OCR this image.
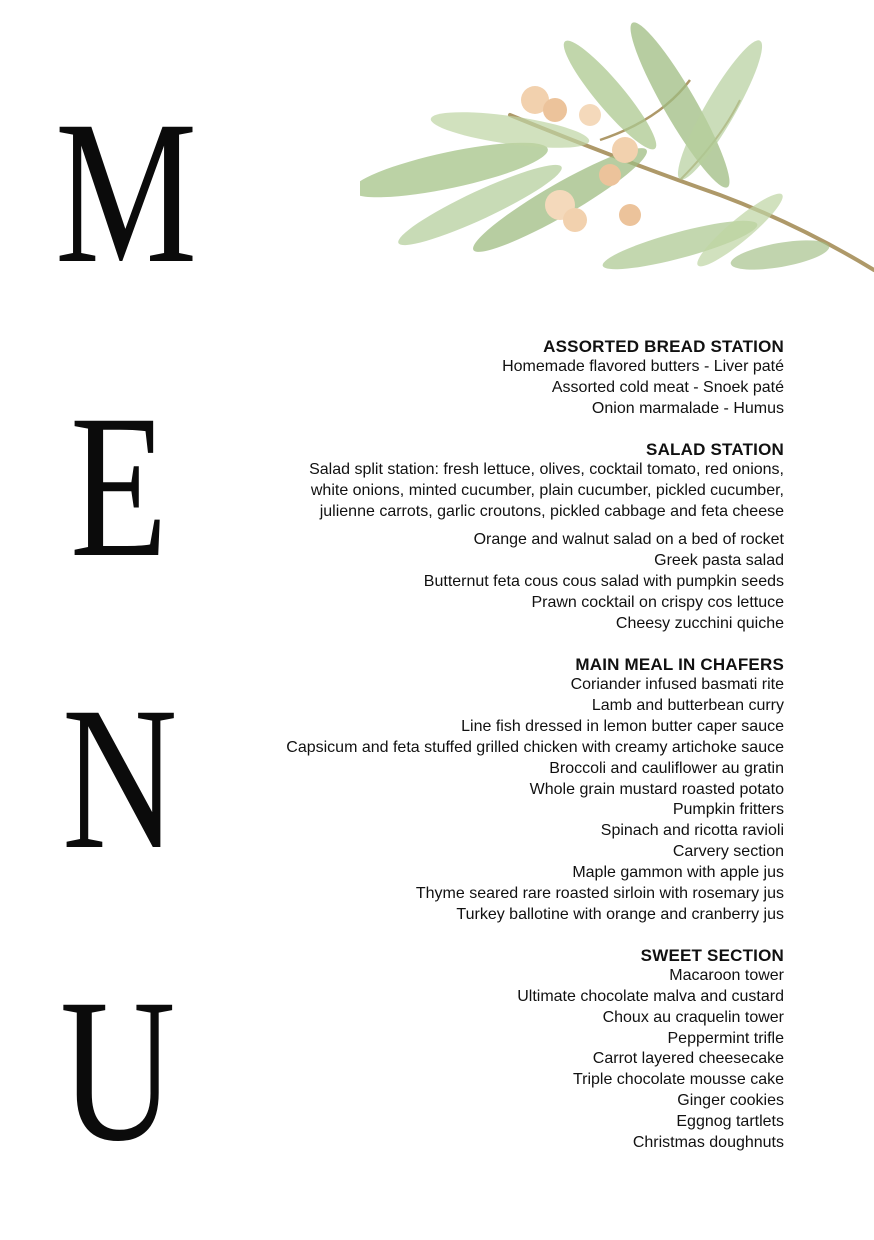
M
E
N
U
ASSORTED BREAD STATION
Homemade flavored butters - Liver paté
Assorted cold meat - Snoek paté
Onion marmalade - Humus
SALAD STATION
Salad split station: fresh lettuce, olives, cocktail tomato, red onions,
white onions, minted cucumber, plain cucumber, pickled cucumber,
julienne carrots, garlic croutons, pickled cabbage and feta cheese
Orange and walnut salad on a bed of rocket
Greek pasta salad
Butternut feta cous cous salad with pumpkin seeds
Prawn cocktail on crispy cos lettuce
Cheesy zucchini quiche
MAIN MEAL IN CHAFERS
Coriander infused basmati rite
Lamb and butterbean curry
Line fish dressed in lemon butter caper sauce
Capsicum and feta stuffed grilled chicken with creamy artichoke sauce
Broccoli and cauliflower au gratin
Whole grain mustard roasted potato
Pumpkin fritters
Spinach and ricotta ravioli
Carvery section
Maple gammon with apple jus
Thyme seared rare roasted sirloin with rosemary jus
Turkey ballotine with orange and cranberry jus
SWEET SECTION
Macaroon tower
Ultimate chocolate malva and custard
Choux au craquelin tower
Peppermint trifle
Carrot layered cheesecake
Triple chocolate mousse cake
Ginger cookies
Eggnog tartlets
Christmas doughnuts
